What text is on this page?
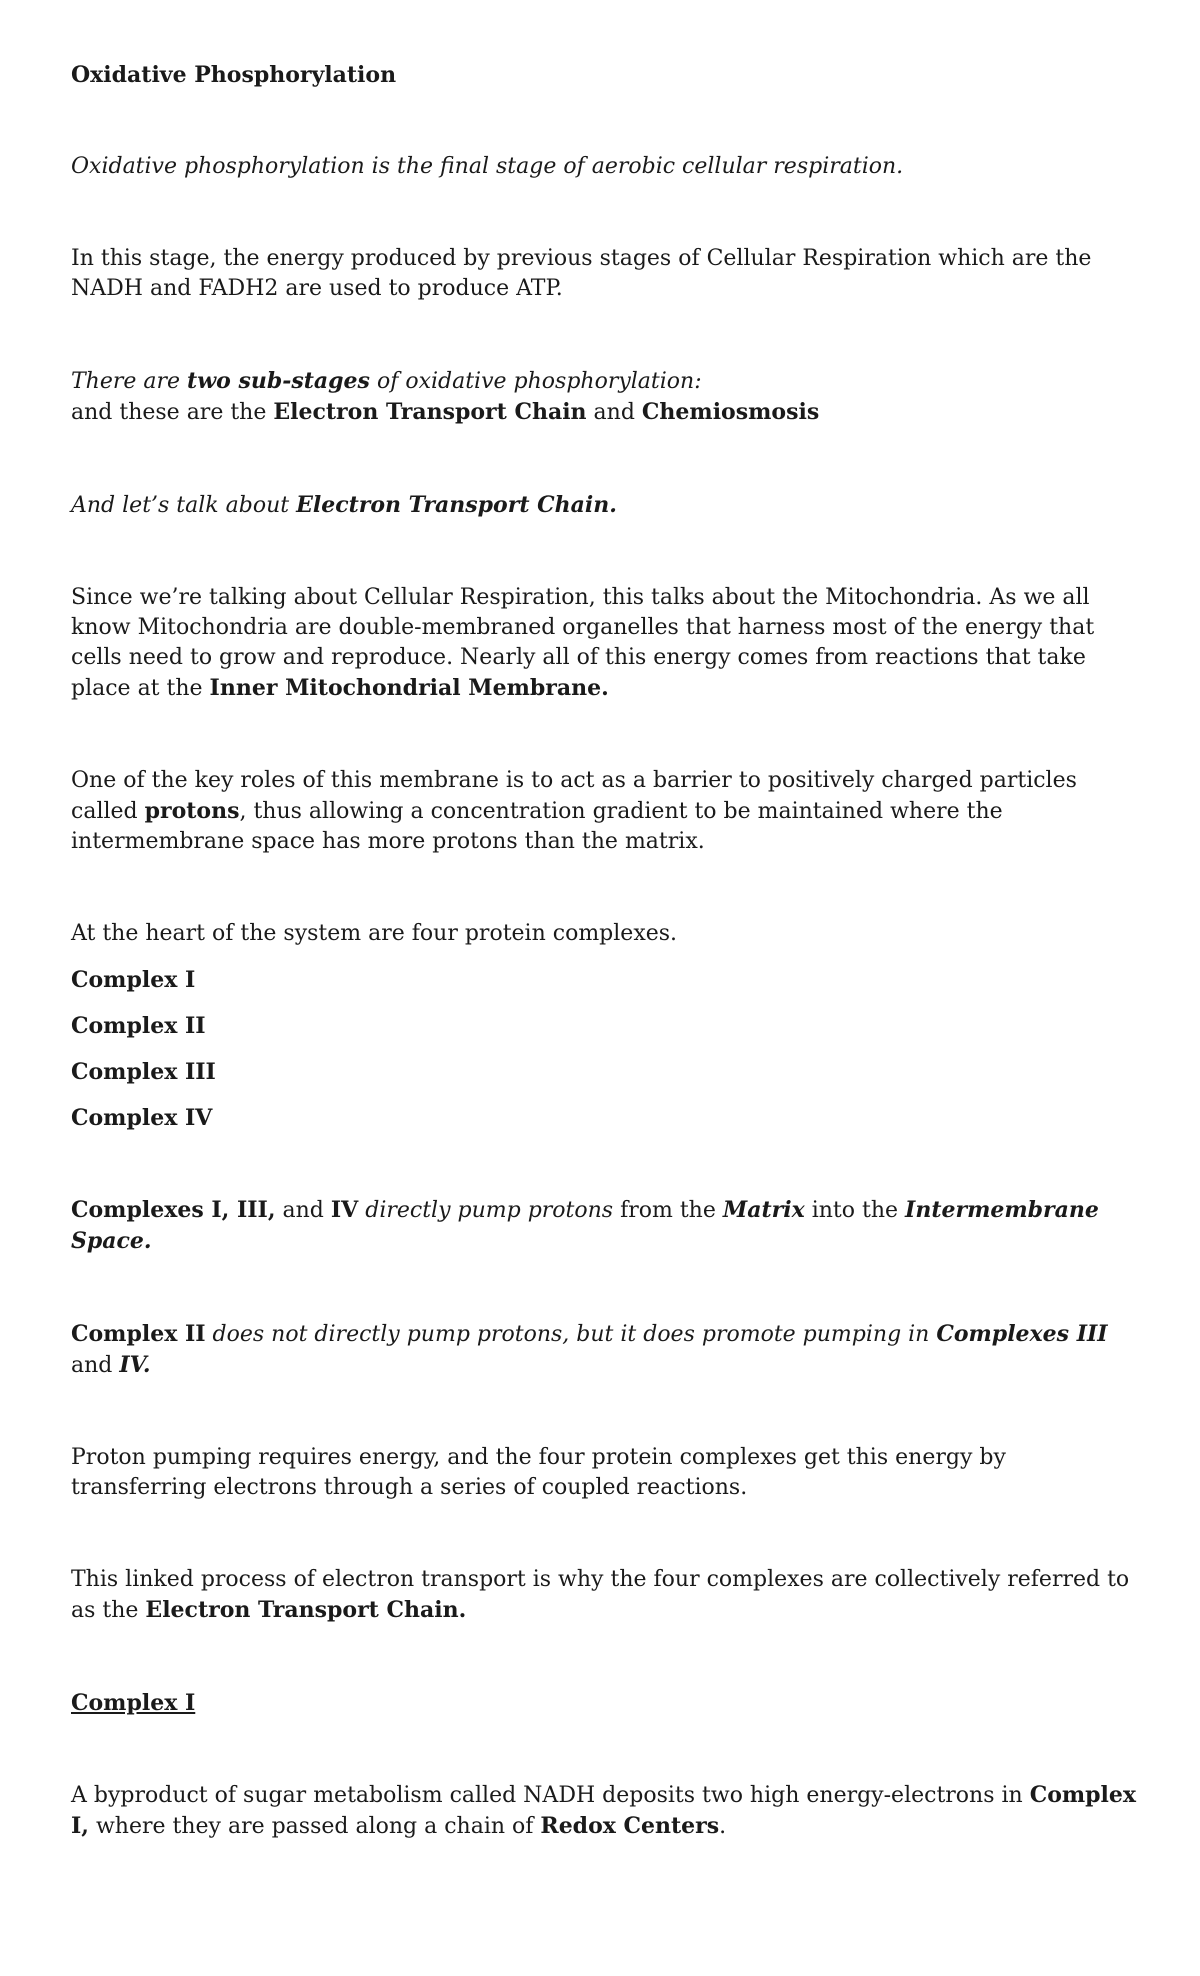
Oxidative Phosphorylation

Oxidative phosphorylation is the final stage of aerobic cellular respiration.

In this stage, the energy produced by previous stages of Cellular Respiration which are the NADH and FADH2 are used to produce ATP.

There are two sub-stages of oxidative phosphorylation:
and these are the Electron Transport Chain and Chemiosmosis

And let’s talk about Electron Transport Chain.

Since we’re talking about Cellular Respiration, this talks about the Mitochondria. As we all know Mitochondria are double-membraned organelles that harness most of the energy that cells need to grow and reproduce. Nearly all of this energy comes from reactions that take place at the Inner Mitochondrial Membrane.

One of the key roles of this membrane is to act as a barrier to positively charged particles called protons, thus allowing a concentration gradient to be maintained where the intermembrane space has more protons than the matrix.

At the heart of the system are four protein complexes.

Complex I

Complex II

Complex III

Complex IV

Complexes I, III, and IV directly pump protons from the Matrix into the Intermembrane Space.

Complex II does not directly pump protons, but it does promote pumping in Complexes III and IV.

Proton pumping requires energy, and the four protein complexes get this energy by transferring electrons through a series of coupled reactions.

This linked process of electron transport is why the four complexes are collectively referred to as the Electron Transport Chain.

Complex I

A byproduct of sugar metabolism called NADH deposits two high energy-electrons in Complex I, where they are passed along a chain of Redox Centers.
